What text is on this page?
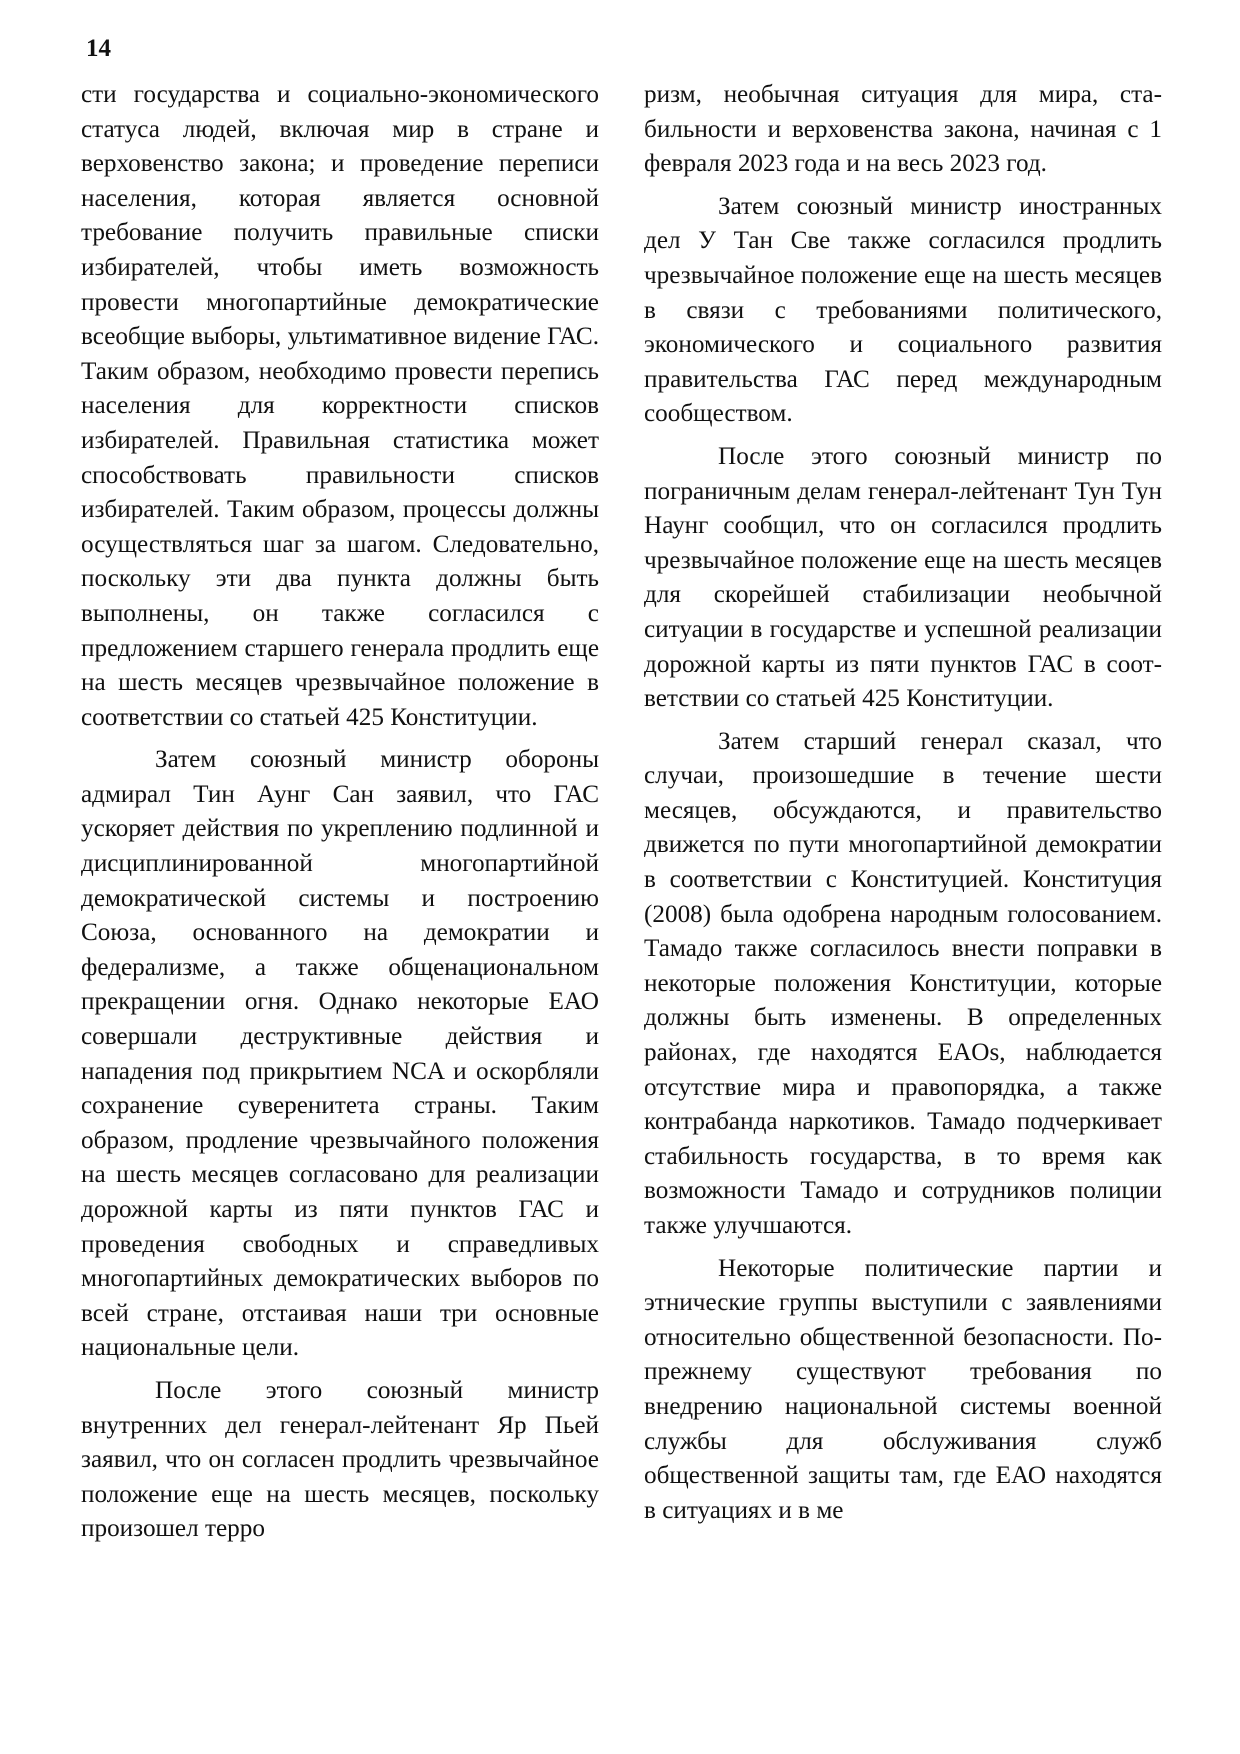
14

сти государства и социально-экономического статуса людей, включая мир в стране и верховенство закона; и проведение переписи населения, которая является основной требование получить правильные списки избирателей, чтобы иметь возможность провести многопартийные демократические всеобщие выборы, ультимативное видение ГАС. Таким образом, необходимо провести перепись населения для корректности списков избирателей. Правильная статистика может способствовать правильности списков избирателей. Таким образом, процессы должны осуществляться шаг за шагом. Следовательно, поскольку эти два пункта должны быть выполнены, он также согласился с предложением старшего генерала продлить еще на шесть месяцев чрезвычайное положение в соответствии со статьей 425 Конституции.

Затем союзный министр обороны адмирал Тин Аунг Сан заявил, что ГАС ускоряет действия по укреплению подлинной и дисциплинированной многопартийной демократической системы и построению Союза, основанного на демократии и федерализме, а также общенациональном прекращении огня. Однако некоторые ЕАО совершали деструктивные действия и нападения под прикрытием NCA и оскорбляли сохранение суверенитета страны. Таким образом, продление чрезвычайного положения на шесть месяцев согласовано для реализации дорожной карты из пяти пунктов ГАС и проведения свободных и справедливых многопартийных демократических выборов по всей стране, отстаивая наши три основные национальные цели.

После этого союзный министр внутренних дел генерал-лейтенант Яр Пьей заявил, что он согласен продлить чрезвычайное положение еще на шесть месяцев, поскольку произошел терро

ризм, необычная ситуация для мира, стабильности и верховенства закона, начиная с 1 февраля 2023 года и на весь 2023 год.

Затем союзный министр иностранных дел У Тан Све также согласился продлить чрезвычайное положение еще на шесть месяцев в связи с требованиями политического, экономического и социального развития правительства ГАС перед международным сообществом.

После этого союзный министр по пограничным делам генерал-лейтенант Тун Тун Наунг сообщил, что он согласился продлить чрезвычайное положение еще на шесть месяцев для скорейшей стабилизации необычной ситуации в государстве и успешной реализации дорожной карты из пяти пунктов ГАС в соответствии со статьей 425 Конституции.

Затем старший генерал сказал, что случаи, произошедшие в течение шести месяцев, обсуждаются, и правительство движется по пути многопартийной демократии в соответствии с Конституцией. Конституция (2008) была одобрена народным голосованием. Тамадо также согласилось внести поправки в некоторые положения Конституции, которые должны быть изменены. В определенных районах, где находятся EAOs, наблюдается отсутствие мира и правопорядка, а также контрабанда наркотиков. Тамадо подчеркивает стабильность государства, в то время как возможности Тамадо и сотрудников полиции также улучшаются.

Некоторые политические партии и этнические группы выступили с заявлениями относительно общественной безопасности. По-прежнему существуют требования по внедрению национальной системы военной службы для обслуживания служб общественной защиты там, где ЕАО находятся в ситуациях и в ме
